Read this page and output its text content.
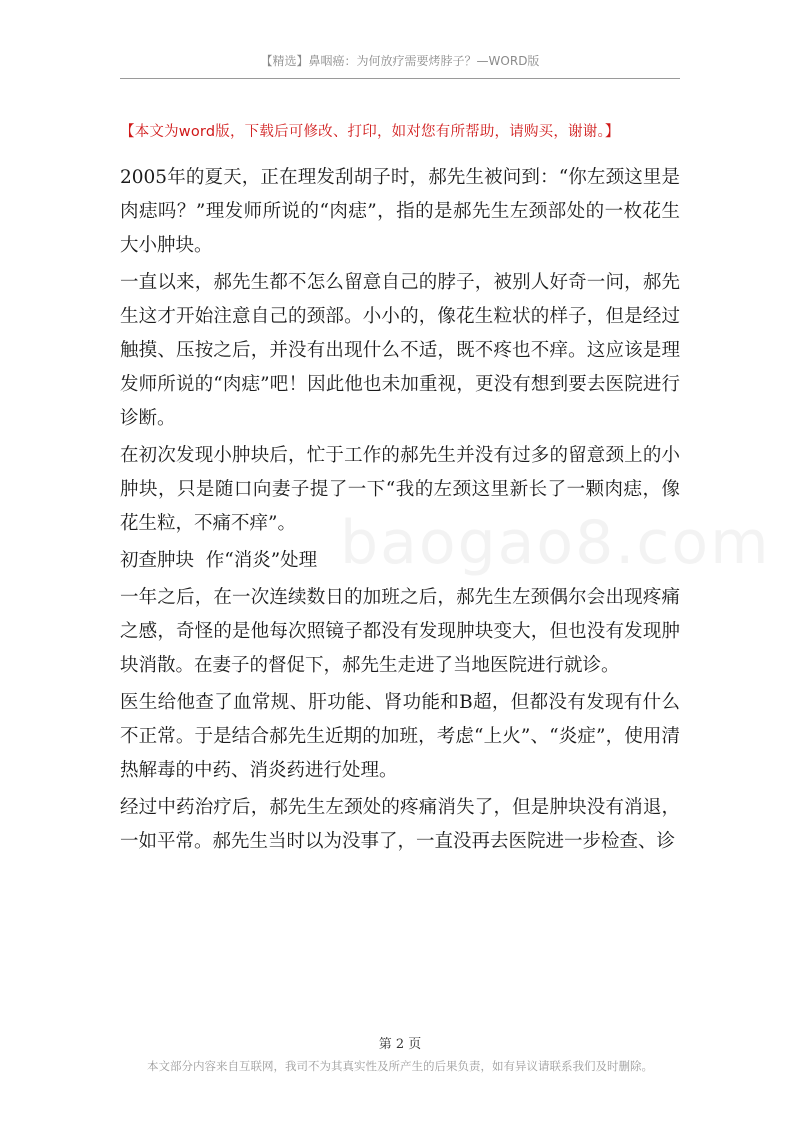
【精选】鼻咽癌：为何放疗需要烤脖子？—WORD版
【本文为word版，下载后可修改、打印，如对您有所帮助，请购买，谢谢。】
baogao8.com

2005年的夏天，正在理发刮胡子时，郝先生被问到：“你左颈这里是肉痣吗？”理发师所说的“肉痣”，指的是郝先生左颈部处的一枚花生大小肿块。

一直以来，郝先生都不怎么留意自己的脖子，被别人好奇一问，郝先生这才开始注意自己的颈部。小小的，像花生粒状的样子，但是经过触摸、压按之后，并没有出现什么不适，既不疼也不痒。这应该是理发师所说的“肉痣”吧！因此他也未加重视，更没有想到要去医院进行诊断。

在初次发现小肿块后，忙于工作的郝先生并没有过多的留意颈上的小肿块，只是随口向妻子提了一下“我的左颈这里新长了一颗肉痣，像花生粒，不痛不痒”。

初查肿块  作“消炎”处理

一年之后，在一次连续数日的加班之后，郝先生左颈偶尔会出现疼痛之感，奇怪的是他每次照镜子都没有发现肿块变大，但也没有发现肿块消散。在妻子的督促下，郝先生走进了当地医院进行就诊。

医生给他查了血常规、肝功能、肾功能和B超，但都没有发现有什么不正常。于是结合郝先生近期的加班，考虑“上火”、“炎症”，使用清热解毒的中药、消炎药进行处理。

经过中药治疗后，郝先生左颈处的疼痛消失了，但是肿块没有消退，一如平常。郝先生当时以为没事了，一直没再去医院进一步检查、诊

第 2 页
本文部分内容来自互联网，我司不为其真实性及所产生的后果负责，如有异议请联系我们及时删除。
